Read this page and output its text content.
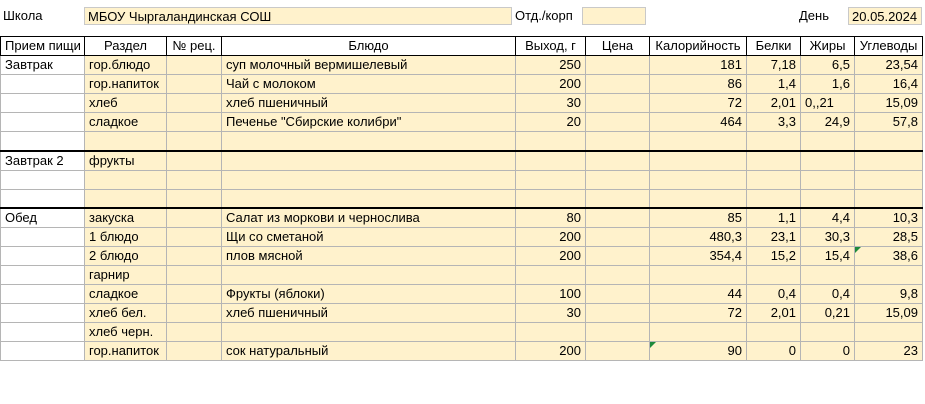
Школа	МБОУ Чыргаландинская СОШ	Отд./корп	День	20.05.2024
Прием пищи	Раздел	№ рец.	Блюдо	Выход, г	Цена	Калорийность	Белки	Жиры	Углеводы
Завтрак	гор.блюдо		суп молочный вермишелевый	250		181	7,18	6,5	23,54
	гор.напиток		Чай с молоком	200		86	1,4	1,6	16,4
	хлеб		хлеб пшеничный	30		72	2,01	0,,21	15,09
	сладкое		Печенье "Сбирские колибри"	20		464	3,3	24,9	57,8

Завтрак 2	фрукты								

Обед	закуска		Салат из моркови и чернослива	80		85	1,1	4,4	10,3
	1 блюдо		Щи со сметаной	200		480,3	23,1	30,3	28,5
	2 блюдо		плов мясной	200		354,4	15,2	15,4	38,6
	гарнир								
	сладкое		Фрукты (яблоки)	100		44	0,4	0,4	9,8
	хлеб бел.		хлеб пшеничный	30		72	2,01	0,21	15,09
	хлеб черн.								
	гор.напиток		сок натуральный	200		90	0	0	23
